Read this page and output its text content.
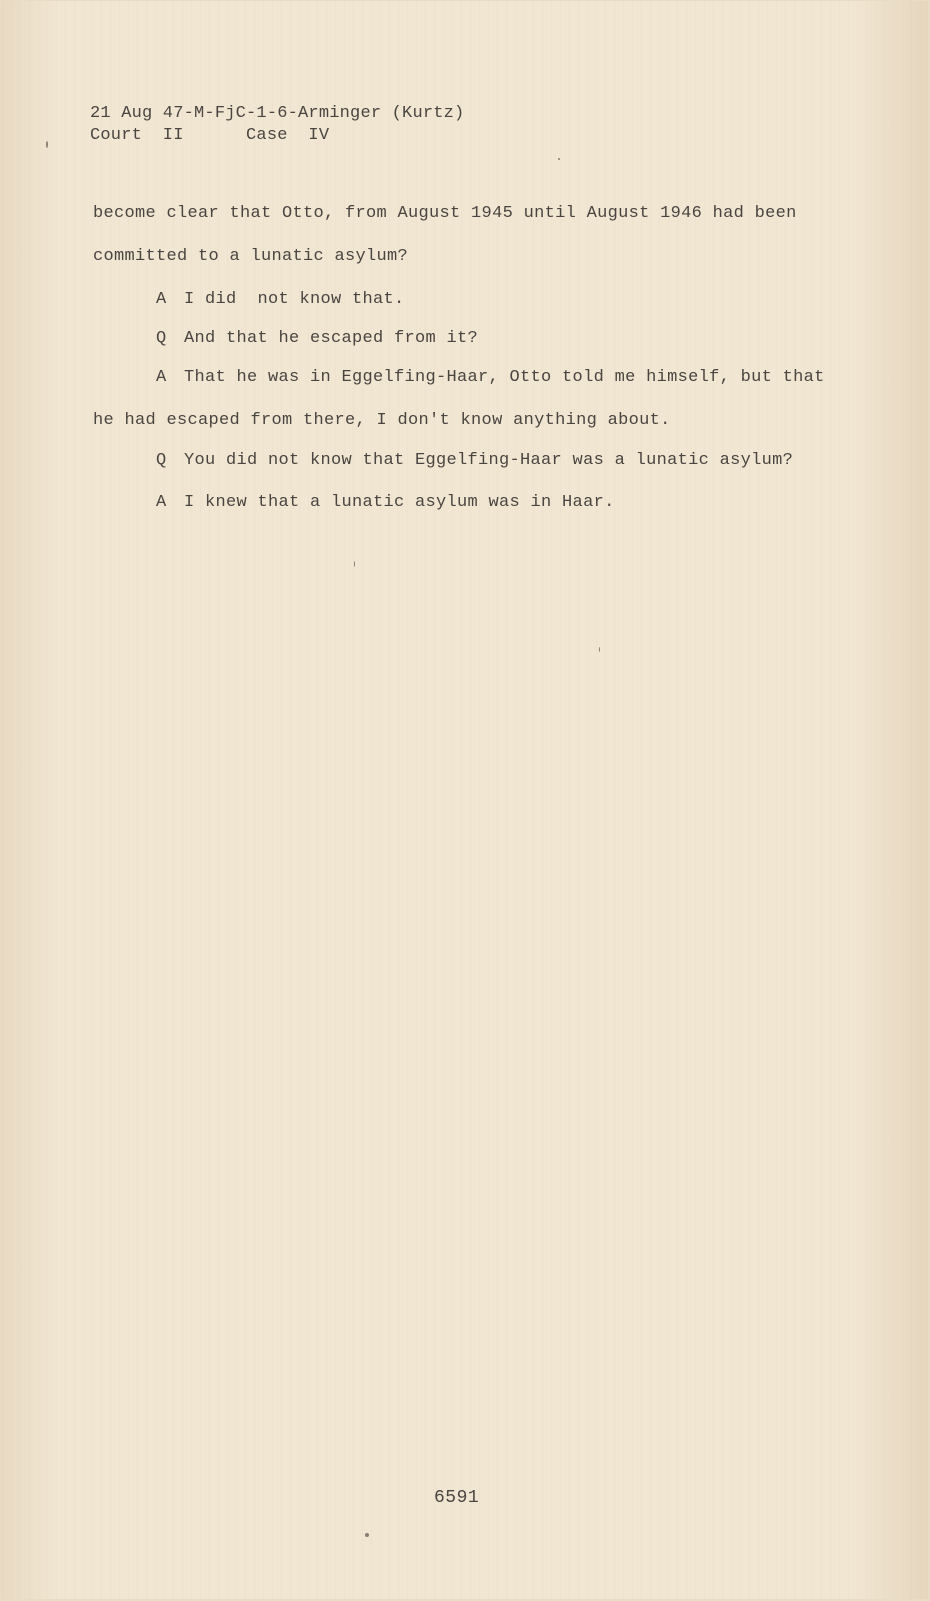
21 Aug 47-M-FjC-1-6-Arminger (Kurtz)
Court  II      Case  IV
become clear that Otto, from August 1945 until August 1946 had been
committed to a lunatic asylum?
A I did  not know that.
Q And that he escaped from it?
A That he was in Eggelfing-Haar, Otto told me himself, but that
he had escaped from there, I don't know anything about.
Q You did not know that Eggelfing-Haar was a lunatic asylum?
A I knew that a lunatic asylum was in Haar.
6591
